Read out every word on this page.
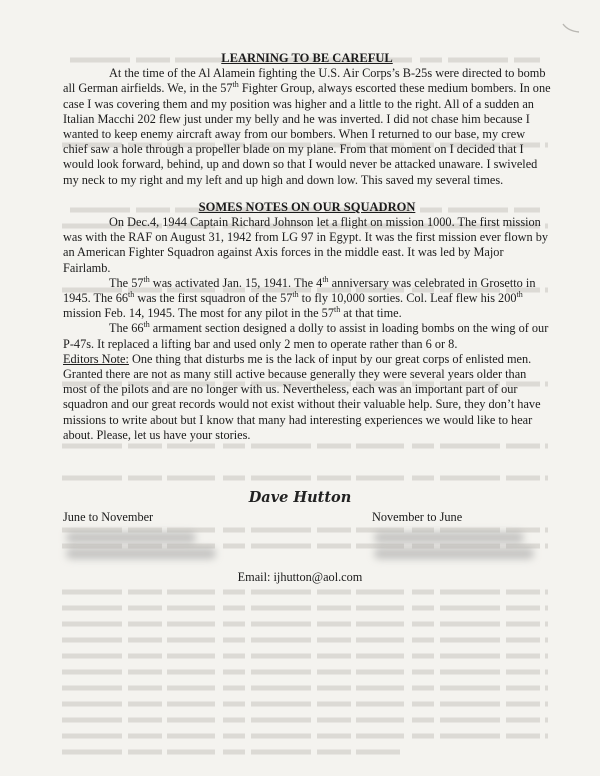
LEARNING TO BE CAREFUL

At the time of the Al Alamein fighting the U.S. Air Corps’s B-25s were directed to bomb all German airfields. We, in the 57th Fighter Group, always escorted these medium bombers. In one case I was covering them and my position was higher and a little to the right. All of a sudden an Italian Macchi 202 flew just under my belly and he was inverted. I did not chase him because I wanted to keep enemy aircraft away from our bombers. When I returned to our base, my crew chief saw a hole through a propeller blade on my plane. From that moment on I decided that I would look forward, behind, up and down so that I would never be attacked unaware. I swiveled my neck to my right and my left and up high and down low. This saved my several times.

SOMES NOTES ON OUR SQUADRON

On Dec.4, 1944 Captain Richard Johnson let a flight on mission 1000. The first mission was with the RAF on August 31, 1942 from LG 97 in Egypt. It was the first mission ever flown by an American Fighter Squadron against Axis forces in the middle east. It was led by Major Fairlamb.

The 57th was activated Jan. 15, 1941. The 4th anniversary was celebrated in Grosetto in 1945. The 66th was the first squadron of the 57th to fly 10,000 sorties. Col. Leaf flew his 200th mission Feb. 14, 1945. The most for any pilot in the 57th at that time.

The 66th armament section designed a dolly to assist in loading bombs on the wing of our P-47s. It replaced a lifting bar and used only 2 men to operate rather than 6 or 8.

Editors Note: One thing that disturbs me is the lack of input by our great corps of enlisted men. Granted there are not as many still active because generally they were several years older than most of the pilots and are no longer with us. Nevertheless, each was an important part of our squadron and our great records would not exist without their valuable help. Sure, they don’t have missions to write about but I know that many had interesting experiences we would like to hear about. Please, let us have your stories.

Dave Hutton
June to November	November to June
Email: ijhutton@aol.com
